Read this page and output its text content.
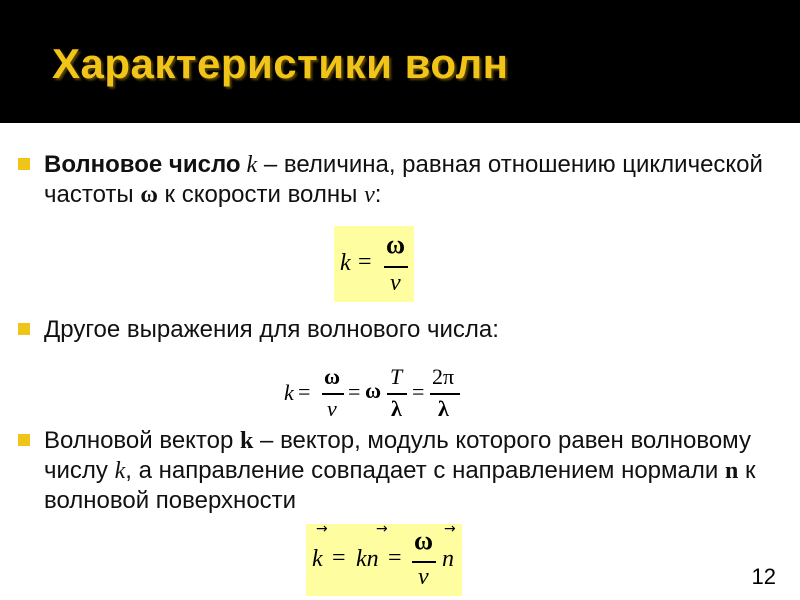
Характеристики волн
Волновое число k – величина, равная отношению циклической частоты ω к скорости волны v:
k =
ω
v
Другое выражения для волнового числа:
k =
ω
v
= ω
T
λ
=
2π
λ
Волновой вектор k – вектор, модуль которого равен волновому числу k, а направление совпадает с направлением нормали n к волновой поверхности
→
k =
→
kn =
ω
v
→
n
12
